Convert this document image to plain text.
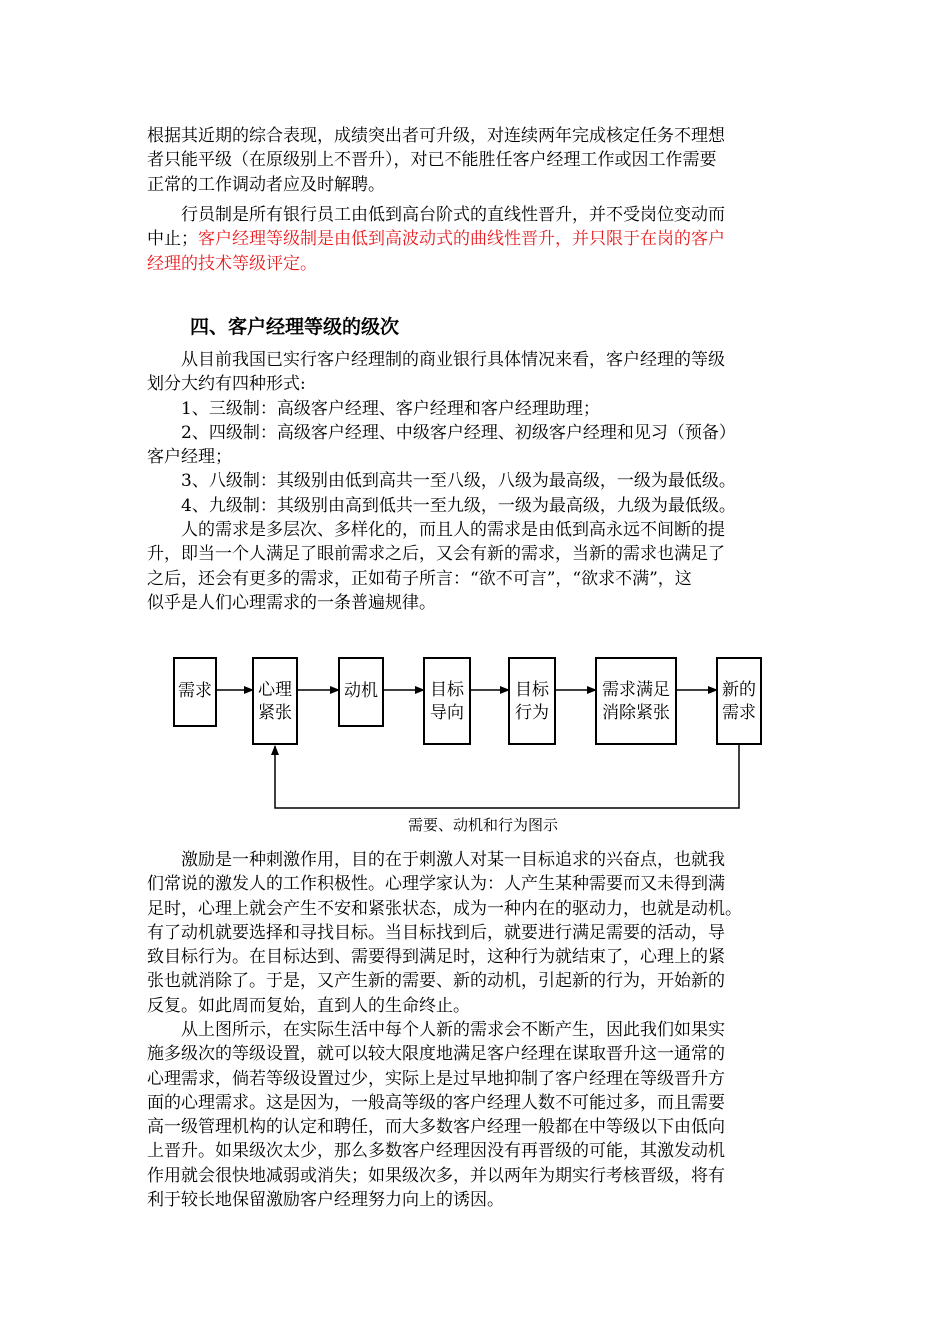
根据其近期的综合表现，成绩突出者可升级，对连续两年完成核定任务不理想
者只能平级（在原级别上不晋升），对已不能胜任客户经理工作或因工作需要
正常的工作调动者应及时解聘。
　　行员制是所有银行员工由低到高台阶式的直线性晋升，并不受岗位变动而
中止；客户经理等级制是由低到高波动式的曲线性晋升，并只限于在岗的客户
经理的技术等级评定。
四、客户经理等级的级次
　　从目前我国已实行客户经理制的商业银行具体情况来看，客户经理的等级
划分大约有四种形式:
　　1、三级制：高级客户经理、客户经理和客户经理助理；
　　2、四级制：高级客户经理、中级客户经理、初级客户经理和见习（预备）
客户经理；
　　3、八级制：其级别由低到高共一至八级，八级为最高级，一级为最低级。
　　4、九级制：其级别由高到低共一至九级，一级为最高级，九级为最低级。
　　人的需求是多层次、多样化的，而且人的需求是由低到高永远不间断的提
升，即当一个人满足了眼前需求之后，又会有新的需求，当新的需求也满足了
之后，还会有更多的需求，正如荀子所言：“欲不可言”，“欲求不满”，这
似乎是人们心理需求的一条普遍规律。
需求	心理
紧张
动机	目标
导向
目标
行为
需求满足
消除紧张
新的
需求
需要、动机和行为图示
　　激励是一种刺激作用，目的在于刺激人对某一目标追求的兴奋点，也就我
们常说的激发人的工作积极性。心理学家认为：人产生某种需要而又未得到满
足时，心理上就会产生不安和紧张状态，成为一种内在的驱动力，也就是动机。
有了动机就要选择和寻找目标。当目标找到后，就要进行满足需要的活动，导
致目标行为。在目标达到、需要得到满足时，这种行为就结束了，心理上的紧
张也就消除了。于是，又产生新的需要、新的动机，引起新的行为，开始新的
反复。如此周而复始，直到人的生命终止。
　　从上图所示，在实际生活中每个人新的需求会不断产生，因此我们如果实
施多级次的等级设置，就可以较大限度地满足客户经理在谋取晋升这一通常的
心理需求，倘若等级设置过少，实际上是过早地抑制了客户经理在等级晋升方
面的心理需求。这是因为，一般高等级的客户经理人数不可能过多，而且需要
高一级管理机构的认定和聘任，而大多数客户经理一般都在中等级以下由低向
上晋升。如果级次太少，那么多数客户经理因没有再晋级的可能，其激发动机
作用就会很快地减弱或消失；如果级次多，并以两年为期实行考核晋级，将有
利于较长地保留激励客户经理努力向上的诱因。
